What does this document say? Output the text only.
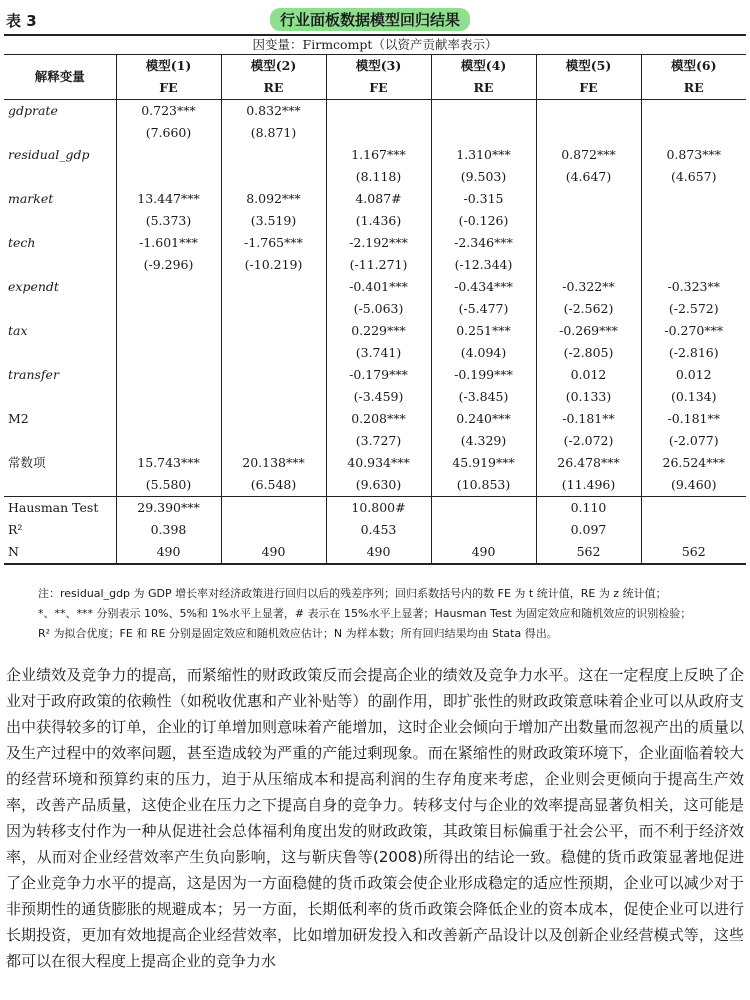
表 3	行业面板数据模型回归结果
因变量：Firmcompt（以资产贡献率表示）						
解释变量	模型(1)	模型(2)	模型(3)	模型(4)	模型(5)	模型(6)
	FE	RE	FE	RE	FE	RE
gdprate	0.723***	0.832***				
	(7.660)	(8.871)				
residual_gdp			1.167***	1.310***	0.872***	0.873***
			(8.118)	(9.503)	(4.647)	(4.657)
market	13.447***	8.092***	4.087#	-0.315		
	(5.373)	(3.519)	(1.436)	(-0.126)		
tech	-1.601***	-1.765***	-2.192***	-2.346***		
	(-9.296)	(-10.219)	(-11.271)	(-12.344)		
expendt			-0.401***	-0.434***	-0.322**	-0.323**
			(-5.063)	(-5.477)	(-2.562)	(-2.572)
tax			0.229***	0.251***	-0.269***	-0.270***
			(3.741)	(4.094)	(-2.805)	(-2.816)
transfer			-0.179***	-0.199***	0.012	0.012
			(-3.459)	(-3.845)	(0.133)	(0.134)
M2			0.208***	0.240***	-0.181**	-0.181**
			(3.727)	(4.329)	(-2.072)	(-2.077)
常数项	15.743***	20.138***	40.934***	45.919***	26.478***	26.524***
	(5.580)	(6.548)	(9.630)	(10.853)	(11.496)	(9.460)
Hausman Test	29.390***		10.800#		0.110	
R²	0.398		0.453		0.097	
N	490	490	490	490	562	562

注：residual_gdp 为 GDP 增长率对经济政策进行回归以后的残差序列；回归系数括号内的数 FE 为 t 统计值，RE 为 z 统计值；

*、**、*** 分别表示 10%、5%和 1%水平上显著，# 表示在 15%水平上显著；Hausman Test 为固定效应和随机效应的识别检验；

R² 为拟合优度；FE 和 RE 分别是固定效应和随机效应估计；N 为样本数；所有回归结果均由 Stata 得出。

企业绩效及竞争力的提高，而紧缩性的财政政策反而会提高企业的绩效及竞争力水平。这在一定程度上反映了企业对于政府政策的依赖性（如税收优惠和产业补贴等）的副作用，即扩张性的财政政策意味着企业可以从政府支出中获得较多的订单，企业的订单增加则意味着产能增加，这时企业会倾向于增加产出数量而忽视产出的质量以及生产过程中的效率问题，甚至造成较为严重的产能过剩现象。而在紧缩性的财政政策环境下，企业面临着较大的经营环境和预算约束的压力，迫于从压缩成本和提高利润的生存角度来考虑，企业则会更倾向于提高生产效率，改善产品质量，这使企业在压力之下提高自身的竞争力。转移支付与企业的效率提高显著负相关，这可能是因为转移支付作为一种从促进社会总体福利角度出发的财政政策，其政策目标偏重于社会公平，而不利于经济效率，从而对企业经营效率产生负向影响，这与靳庆鲁等(2008)所得出的结论一致。稳健的货币政策显著地促进了企业竞争力水平的提高，这是因为一方面稳健的货币政策会使企业形成稳定的适应性预期，企业可以减少对于非预期性的通货膨胀的规避成本；另一方面，长期低利率的货币政策会降低企业的资本成本，促使企业可以进行长期投资，更加有效地提高企业经营效率，比如增加研发投入和改善新产品设计以及创新企业经营模式等，这些都可以在很大程度上提高企业的竞争力水
